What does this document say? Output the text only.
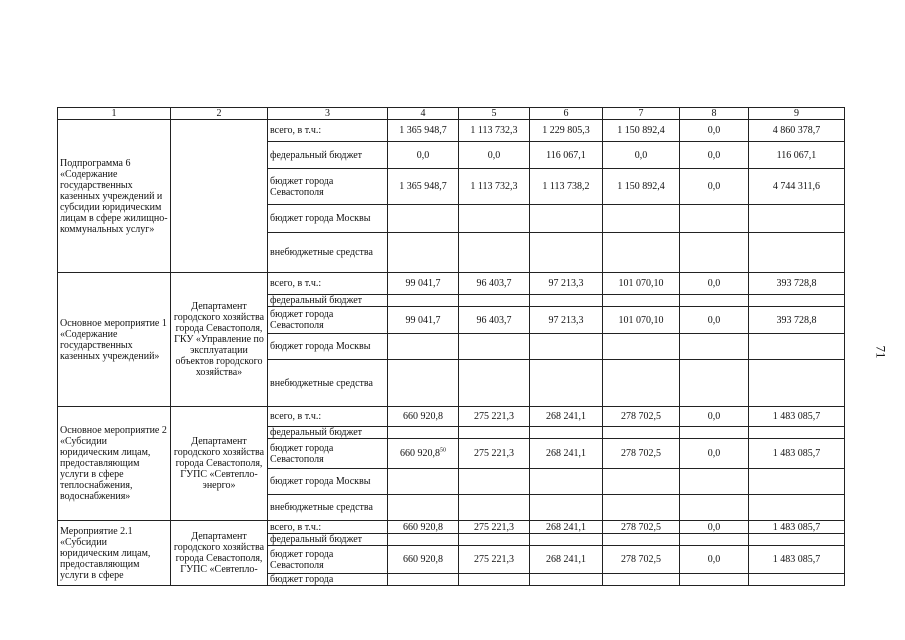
71
1	2	3	4	5	6	7	8	9
Подпрограмма 6 «Содержание государственных казенных учреждений и субсидии юридическим лицам в сфере жилищно-коммунальных услуг»		всего, в т.ч.:	1 365 948,7	1 113 732,3	1 229 805,3	1 150 892,4	0,0	4 860 378,7
		федеральный бюджет	0,0	0,0	116 067,1	0,0	0,0	116 067,1
		бюджет города Севастополя	1 365 948,7	1 113 732,3	1 113 738,2	1 150 892,4	0,0	4 744 311,6
		бюджет города Москвы						
		внебюджетные средства						
Основное мероприятие 1 «Содержание государственных казенных учреждений»	Департамент городского хозяйства города Севастополя, ГКУ «Управление по эксплуатации объектов городского хозяйства»	всего, в т.ч.:	99 041,7	96 403,7	97 213,3	101 070,10	0,0	393 728,8
		федеральный бюджет						
		бюджет города Севастополя	99 041,7	96 403,7	97 213,3	101 070,10	0,0	393 728,8
		бюджет города Москвы						
		внебюджетные средства						
Основное мероприятие 2 «Субсидии юридическим лицам, предоставляющим услуги в сфере теплоснабжения, водоснабжения»	Департамент городского хозяйства города Севастополя, ГУПС «Севтепло-энерго»	всего, в т.ч.:	660 920,8	275 221,3	268 241,1	278 702,5	0,0	1 483 085,7
		федеральный бюджет						
		бюджет города Севастополя	660 920,8$^{50}$	275 221,3	268 241,1	278 702,5	0,0	1 483 085,7
		бюджет города Москвы						
		внебюджетные средства						
Мероприятие 2.1 «Субсидии юридическим лицам, предоставляющим услуги в сфере	Департамент городского хозяйства города Севастополя, ГУПС «Севтепло-	всего, в т.ч.:	660 920,8	275 221,3	268 241,1	278 702,5	0,0	1 483 085,7
		федеральный бюджет						
		бюджет города Севастополя	660 920,8	275 221,3	268 241,1	278 702,5	0,0	1 483 085,7
		бюджет города						
